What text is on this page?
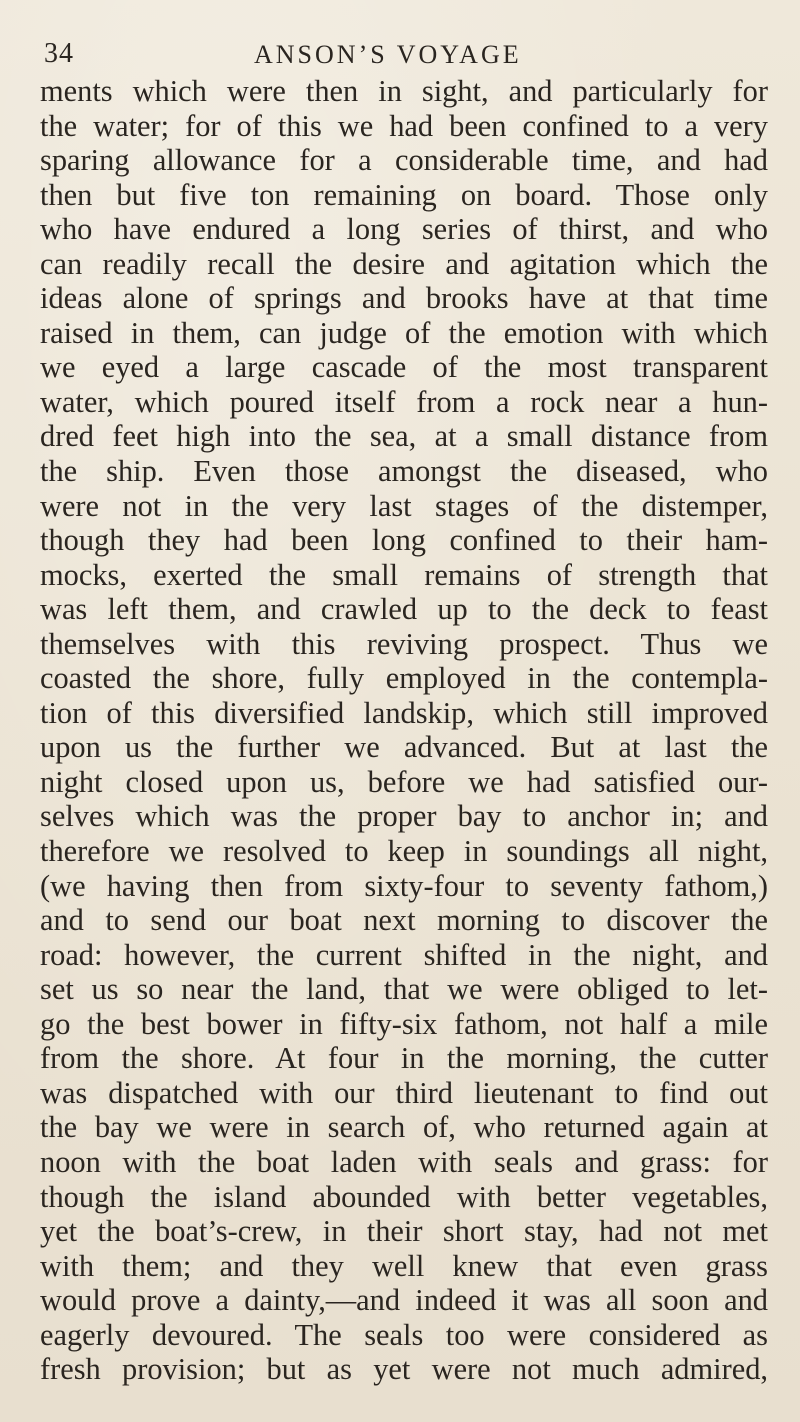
34	ANSON’S VOYAGE
ments which were then in sight, and particularly for
the water; for of this we had been confined to a very
sparing allowance for a considerable time, and had
then but five ton remaining on board. Those only
who have endured a long series of thirst, and who
can readily recall the desire and agitation which the
ideas alone of springs and brooks have at that time
raised in them, can judge of the emotion with which
we eyed a large cascade of the most transparent
water, which poured itself from a rock near a hun-
dred feet high into the sea, at a small distance from
the ship. Even those amongst the diseased, who
were not in the very last stages of the distemper,
though they had been long confined to their ham-
mocks, exerted the small remains of strength that
was left them, and crawled up to the deck to feast
themselves with this reviving prospect. Thus we
coasted the shore, fully employed in the contempla-
tion of this diversified landskip, which still improved
upon us the further we advanced. But at last the
night closed upon us, before we had satisfied our-
selves which was the proper bay to anchor in; and
therefore we resolved to keep in soundings all night,
(we having then from sixty-four to seventy fathom,)
and to send our boat next morning to discover the
road: however, the current shifted in the night, and
set us so near the land, that we were obliged to let-
go the best bower in fifty-six fathom, not half a mile
from the shore. At four in the morning, the cutter
was dispatched with our third lieutenant to find out
the bay we were in search of, who returned again at
noon with the boat laden with seals and grass: for
though the island abounded with better vegetables,
yet the boat’s-crew, in their short stay, had not met
with them; and they well knew that even grass
would prove a dainty,—and indeed it was all soon and
eagerly devoured. The seals too were considered as
fresh provision; but as yet were not much admired,
